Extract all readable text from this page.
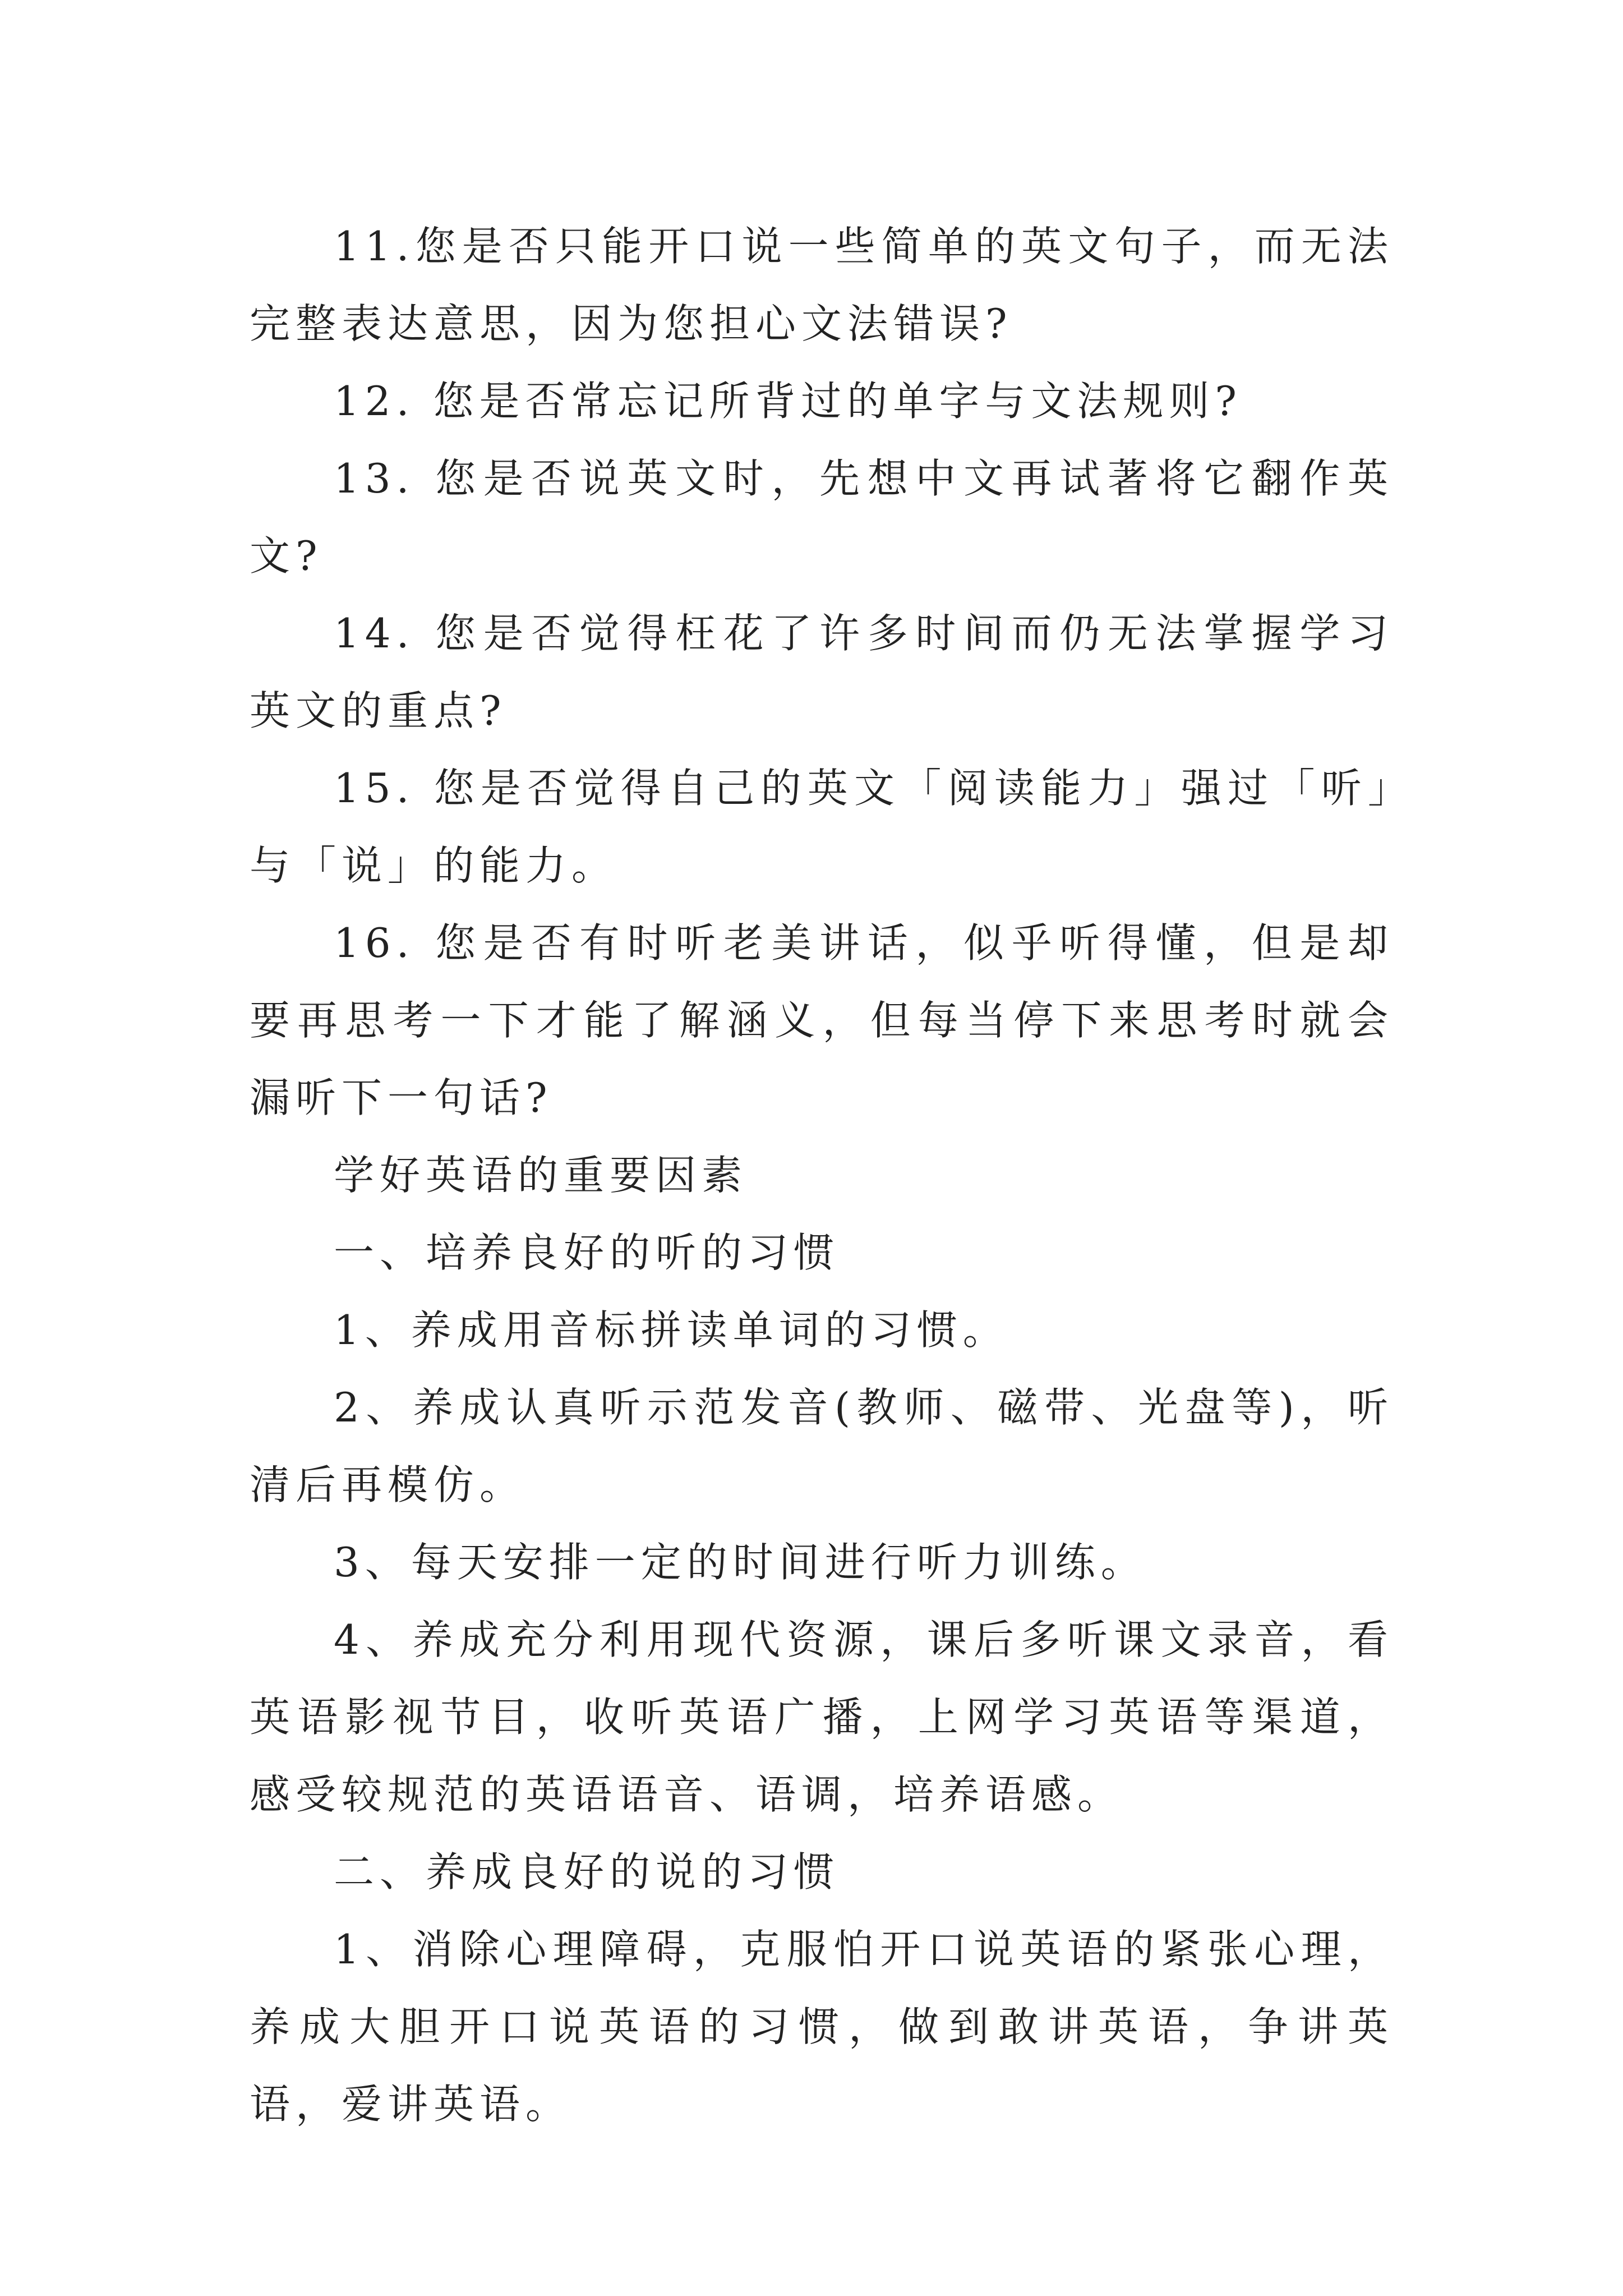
11.您是否只能开口说一些简单的英文句子，而无法完整表达意思，因为您担心文法错误?

12. 您是否常忘记所背过的单字与文法规则?

13. 您是否说英文时，先想中文再试著将它翻作英文?

14. 您是否觉得枉花了许多时间而仍无法掌握学习英文的重点?

15. 您是否觉得自己的英文「阅读能力」强过「听」与「说」的能力。

16. 您是否有时听老美讲话，似乎听得懂，但是却要再思考一下才能了解涵义，但每当停下来思考时就会漏听下一句话?

学好英语的重要因素

一、培养良好的听的习惯

1、养成用音标拼读单词的习惯。

2、养成认真听示范发音(教师、磁带、光盘等)，听清后再模仿。

3、每天安排一定的时间进行听力训练。

4、养成充分利用现代资源，课后多听课文录音，看英语影视节目，收听英语广播，上网学习英语等渠道，感受较规范的英语语音、语调，培养语感。

二、养成良好的说的习惯

1、消除心理障碍，克服怕开口说英语的紧张心理，养成大胆开口说英语的习惯，做到敢讲英语，争讲英语，爱讲英语。
